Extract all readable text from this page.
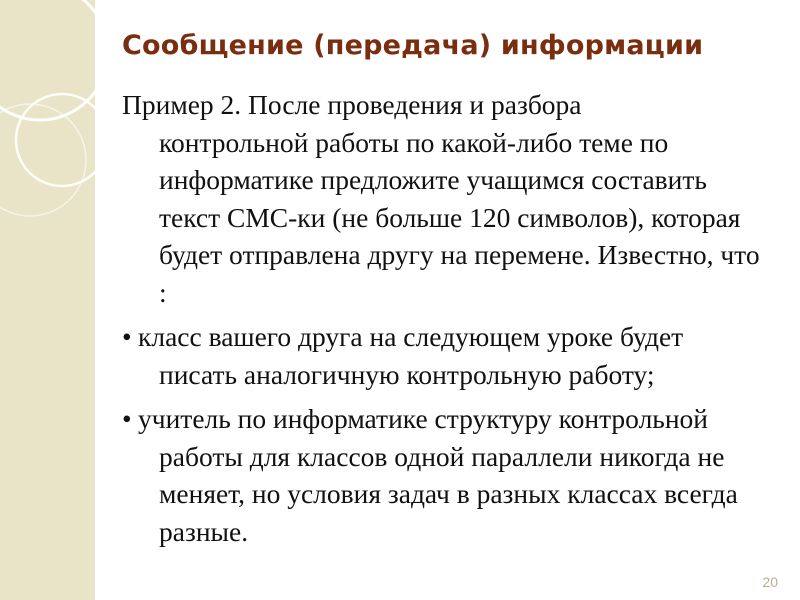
Сообщение (передача) информации

Пример 2. После проведения и разбора
контрольной работы по какой-либо теме по информатике предложите учащимся составить текст СМС-ки (не больше 120 символов), которая будет отправлена другу на перемене. Известно, что :

• класс вашего друга на следующем уроке будет писать аналогичную контрольную работу;

• учитель по информатике структуру контрольной работы для классов одной параллели никогда не меняет, но условия задач в разных классах всегда разные.

20
